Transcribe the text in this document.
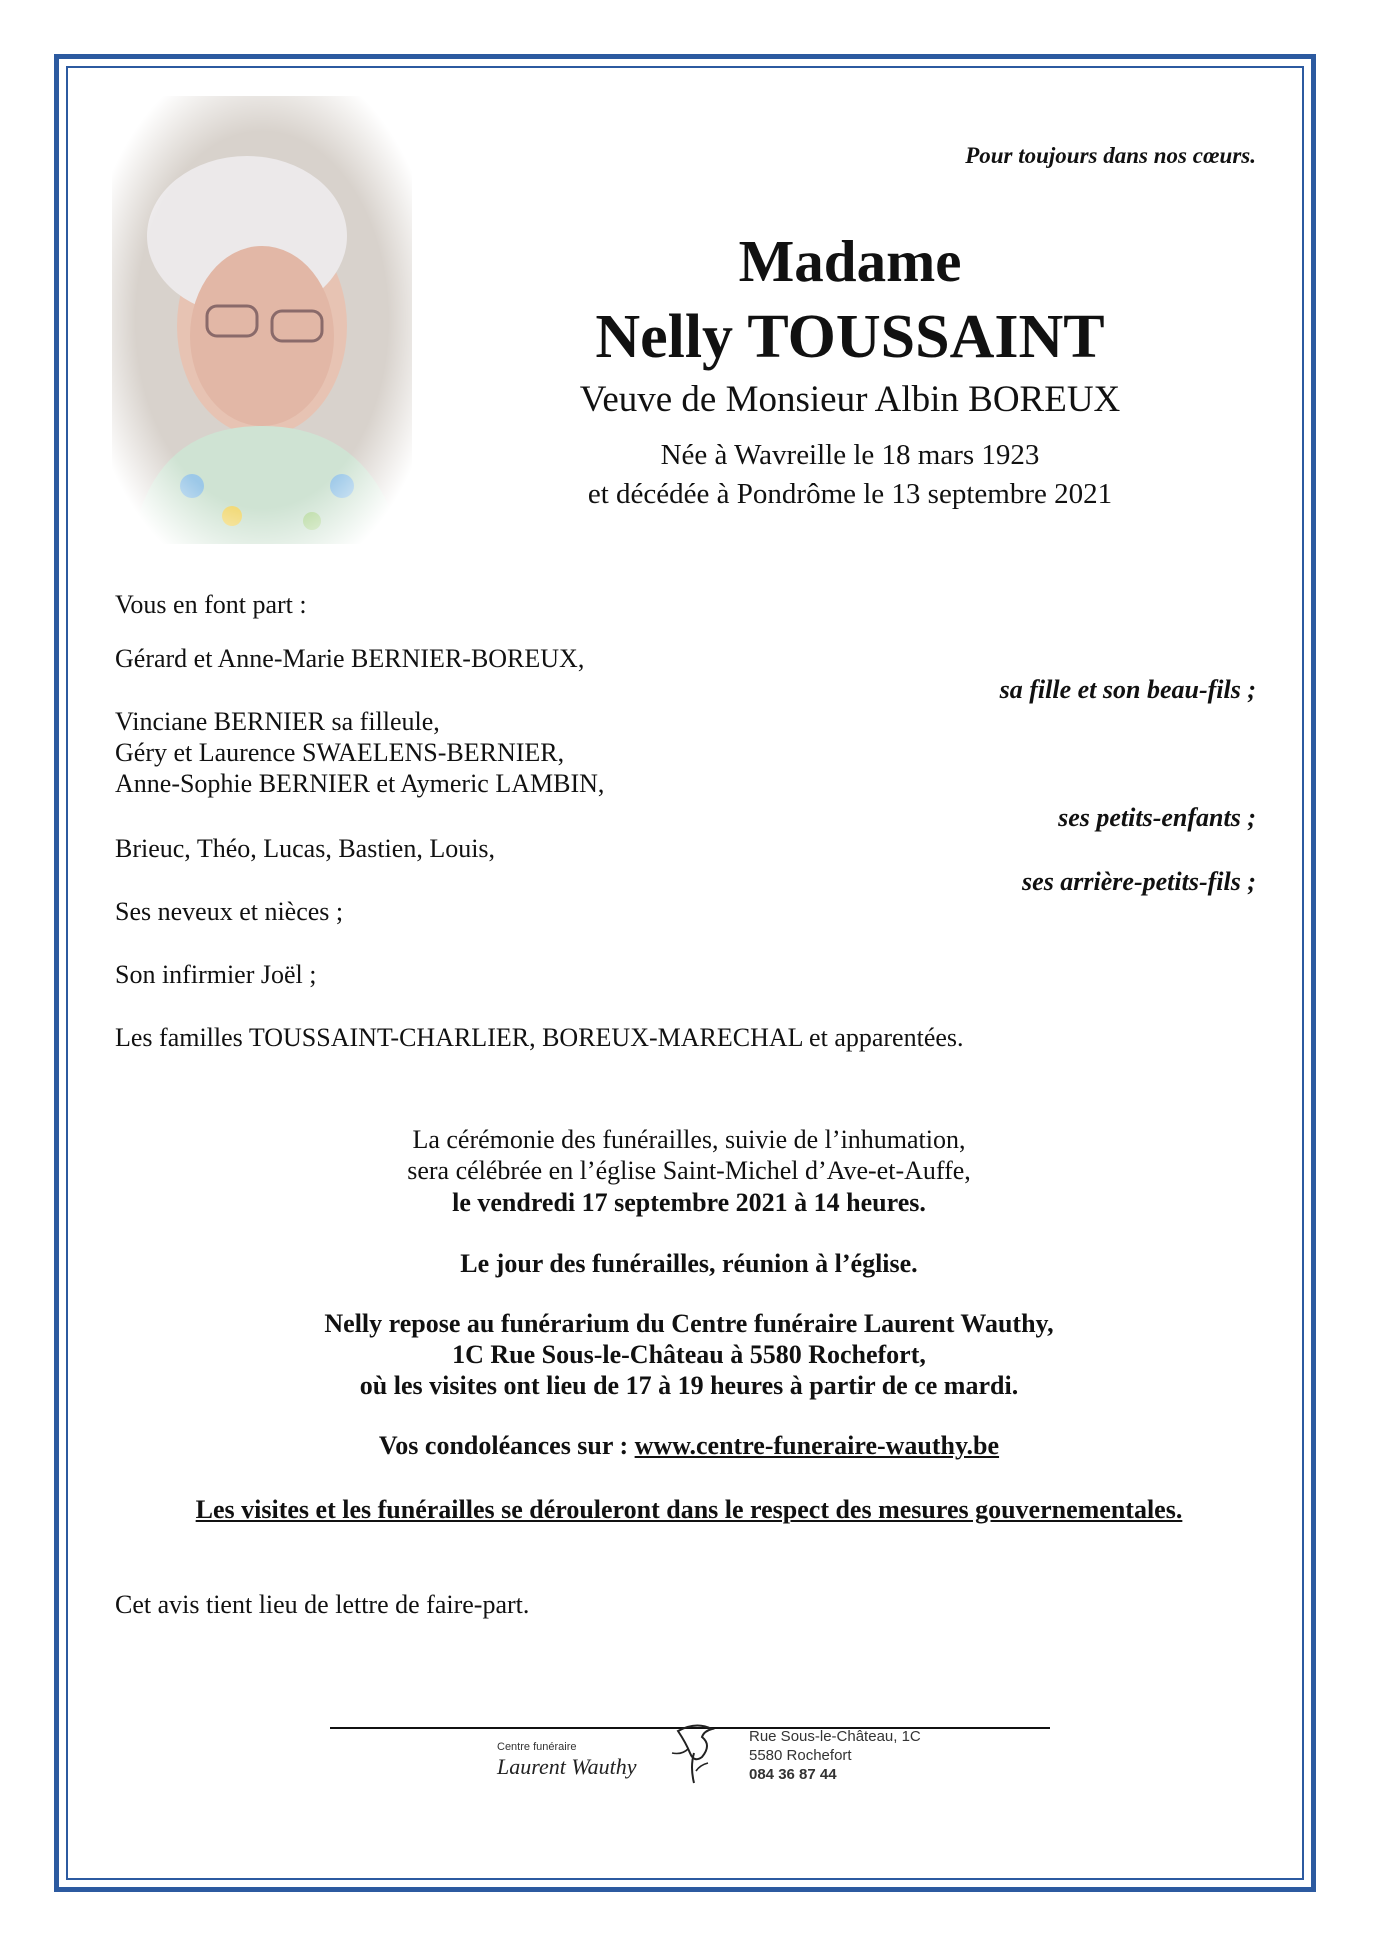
Pour toujours dans nos cœurs.
Madame
Nelly TOUSSAINT
Veuve de Monsieur Albin BOREUX
Née à Wavreille le 18 mars 1923
et décédée à Pondrôme le 13 septembre 2021
Vous en font part :
Gérard et Anne-Marie BERNIER-BOREUX,
sa fille et son beau-fils ;
Vinciane BERNIER sa filleule,
Géry et Laurence SWAELENS-BERNIER,
Anne-Sophie BERNIER et Aymeric LAMBIN,
ses petits-enfants ;
Brieuc, Théo, Lucas, Bastien, Louis,
ses arrière-petits-fils ;
Ses neveux et nièces ;
Son infirmier Joël ;
Les familles TOUSSAINT-CHARLIER, BOREUX-MARECHAL et apparentées.
La cérémonie des funérailles, suivie de l’inhumation,
sera célébrée en l’église Saint-Michel d’Ave-et-Auffe,
le vendredi 17 septembre 2021 à 14 heures.
Le jour des funérailles, réunion à l’église.
Nelly repose au funérarium du Centre funéraire Laurent Wauthy,
1C Rue Sous-le-Château à 5580 Rochefort,
où les visites ont lieu de 17 à 19 heures à partir de ce mardi.
Vos condoléances sur : www.centre-funeraire-wauthy.be
Les visites et les funérailles se dérouleront dans le respect des mesures gouvernementales.
Cet avis tient lieu de lettre de faire-part.
Centre funéraire
Laurent Wauthy
Rue Sous-le-Château, 1C
5580 Rochefort
084 36 87 44
